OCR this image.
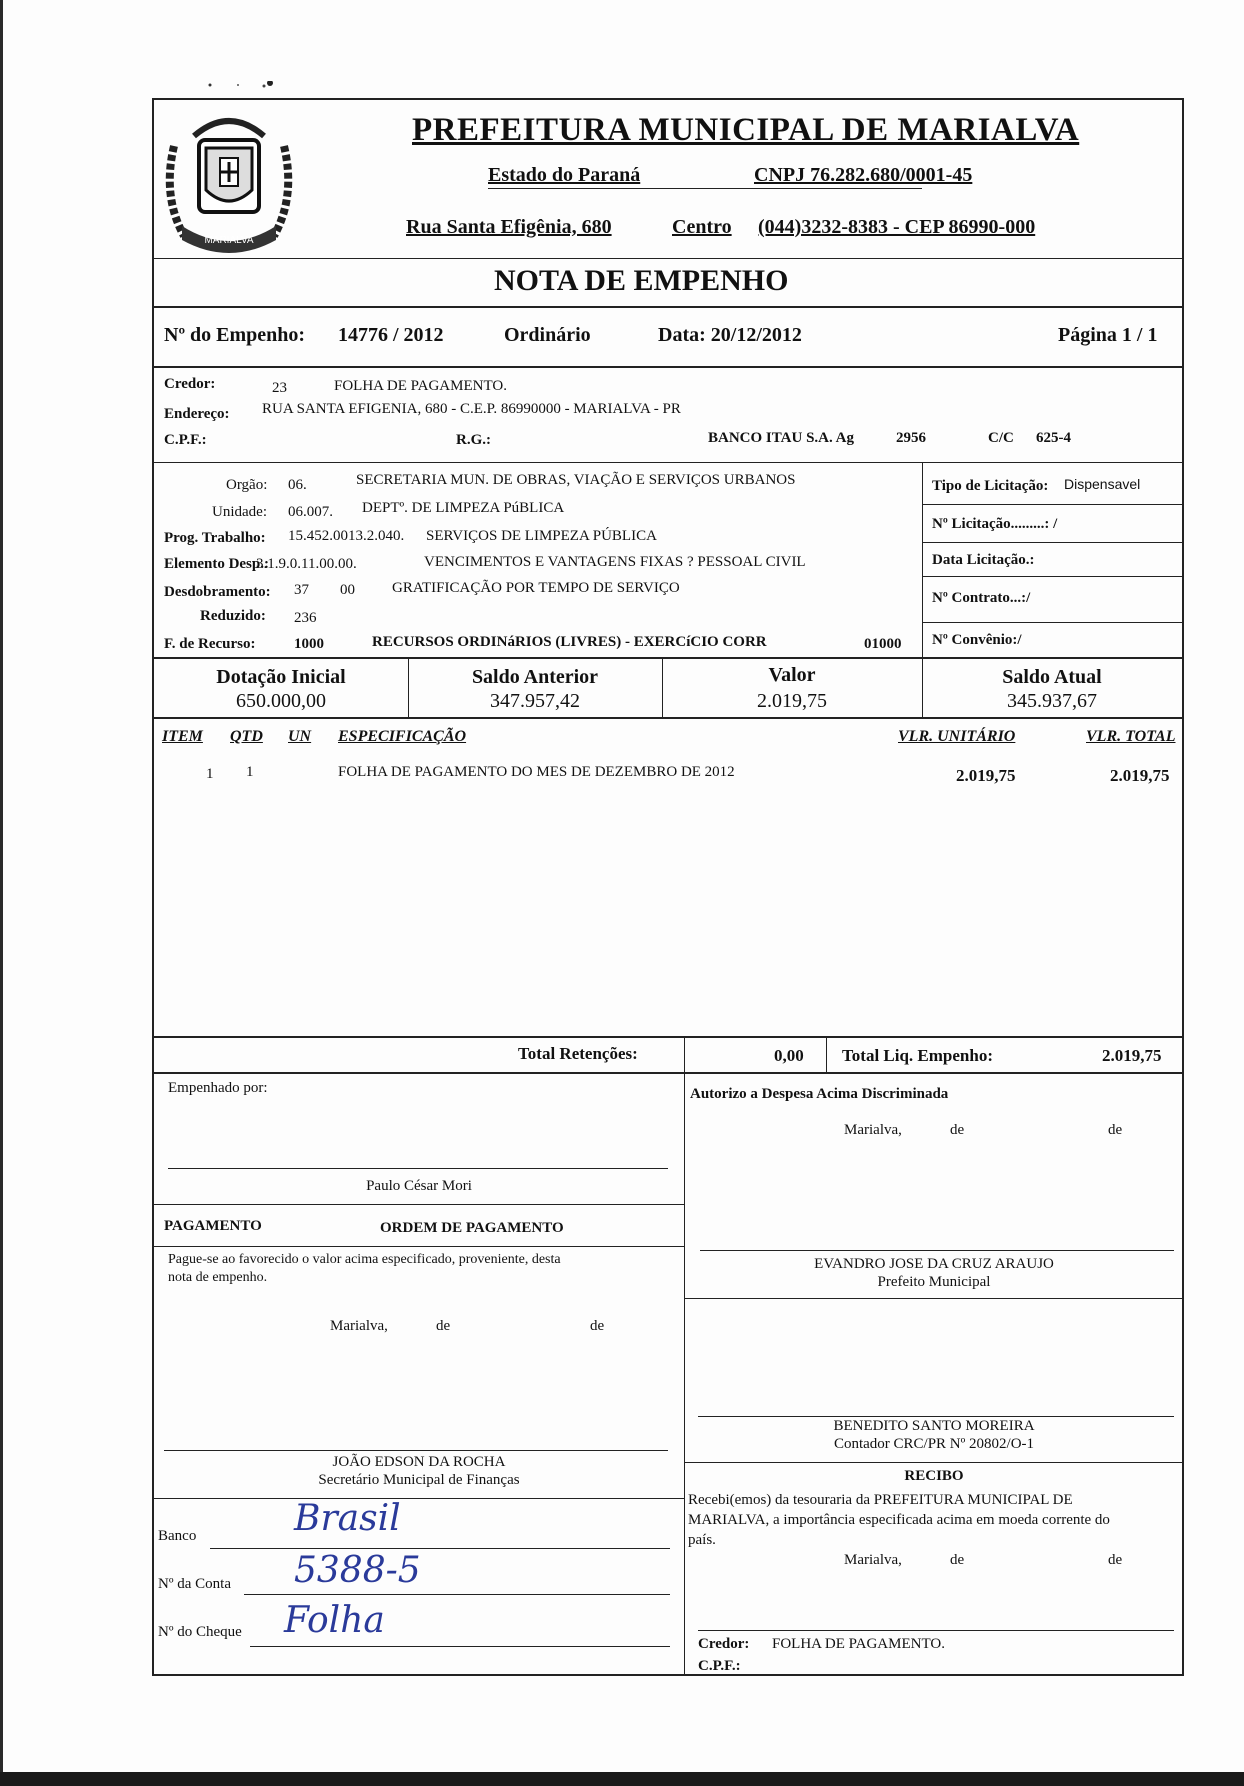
MARIALVA
PREFEITURA MUNICIPAL DE MARIALVA
Estado do Paraná	CNPJ 76.282.680/0001-45
Rua Santa Efigênia, 680	Centro (044)3232-8383 - CEP 86990-000
NOTA DE EMPENHO
Nº do Empenho: 14776 / 2012	Ordinário	Data: 20/12/2012	Página 1 / 1
Credor:	23	FOLHA DE PAGAMENTO.
Endereço: RUA SANTA EFIGENIA, 680 - C.E.P. 86990000 - MARIALVA - PR
C.P.F.:	R.G.:	BANCO ITAU S.A. Ag	2956	C/C 625-4
Orgão: 06.	SECRETARIA MUN. DE OBRAS, VIAÇÃO E SERVIÇOS URBANOS
Unidade: 06.007. DEPTº. DE LIMPEZA PúBLICA
Prog. Trabalho: 15.452.0013.2.040. SERVIÇOS DE LIMPEZA PÚBLICA
Elemento Desp.:
3.1.9.0.11.00.00.	VENCIMENTOS E VANTAGENS FIXAS ? PESSOAL CIVIL
Desdobramento: 37 00 GRATIFICAÇÃO POR TEMPO DE SERVIÇO
Reduzido: 236
F. de Recurso:	1000	RECURSOS ORDINáRIOS (LIVRES) - EXERCíCIO CORR	01000
Tipo de Licitação: Dispensavel
Nº Licitação.........: /
Data Licitação.:
Nº Contrato...:/
Nº Convênio:/
Dotação Inicial
650.000,00
Saldo Anterior
347.957,42
Valor
2.019,75
Saldo Atual
345.937,67
ITEM QTD UN ESPECIFICAÇÃO	VLR. UNITÁRIO	VLR. TOTAL
1 1	FOLHA DE PAGAMENTO DO MES DE DEZEMBRO DE 2012	2.019,75	2.019,75
Total Retenções:	0,00 Total Liq. Empenho:	2.019,75
Empenhado por:
Paulo César Mori
Autorizo a Despesa Acima Discriminada
Marialva,	de	de
PAGAMENTO	ORDEM DE PAGAMENTO
Pague-se ao favorecido o valor acima especificado, proveniente, desta
nota de empenho.
Marialva,	de	de
EVANDRO JOSE DA CRUZ ARAUJO
Prefeito Municipal
BENEDITO SANTO MOREIRA
Contador CRC/PR Nº 20802/O-1
RECIBO
Recebi(emos) da tesouraria da PREFEITURA MUNICIPAL DE
MARIALVA, a importância especificada acima em moeda corrente do
país.
Marialva,	de	de
Credor: FOLHA DE PAGAMENTO.
C.P.F.:
JOÃO EDSON DA ROCHA
Secretário Municipal de Finanças
Banco	Brasil
Nº da Conta 5388-5
Nº do Cheque Folha
